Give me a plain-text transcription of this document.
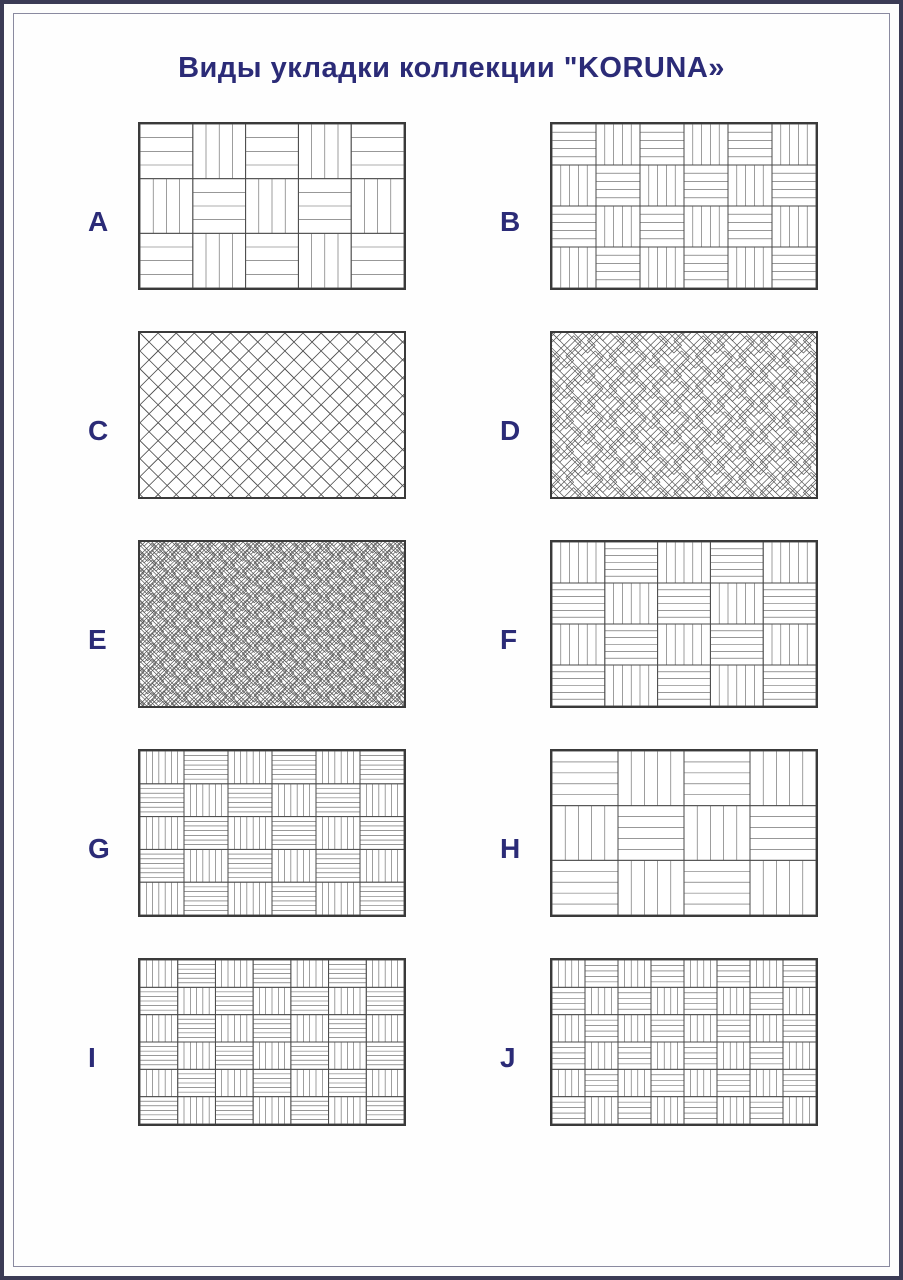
Виды укладки коллекции "KORUNA»
A	B
C	D
E	F
G	H
I	J
